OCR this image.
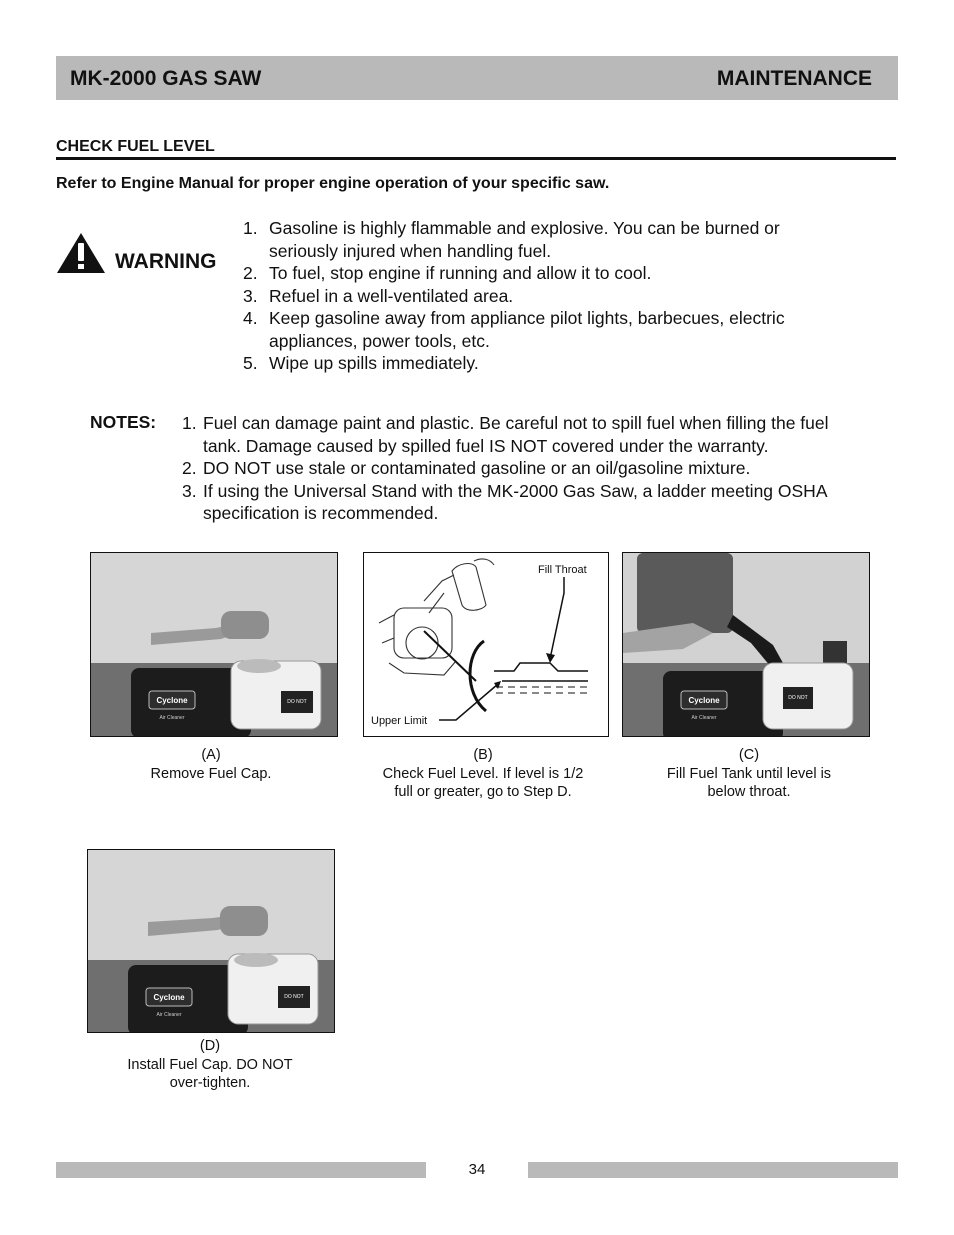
MK-2000 GAS SAW	MAINTENANCE
CHECK FUEL LEVEL
Refer to Engine Manual for proper engine operation of your specific saw.
WARNING
1. Gasoline is highly flammable and explosive. You can be burned or
seriously injured when handling fuel.
2. To fuel, stop engine if running and allow it to cool.
3. Refuel in a well-ventilated area.
4. Keep gasoline away from appliance pilot lights, barbecues, electric
appliances, power tools, etc.
5. Wipe up spills immediately.
NOTES: 1. Fuel can damage paint and plastic. Be careful not to spill fuel when filling the fuel
tank. Damage caused by spilled fuel IS NOT covered under the warranty.
2. DO NOT use stale or contaminated gasoline or an oil/gasoline mixture.
3. If using the Universal Stand with the MK-2000 Gas Saw, a ladder meeting OSHA
specification is recommended.
Cyclone
Air Cleaner
DO NOT
Fill Throat
Upper Limit
Cyclone
Air Cleaner
DO NOT
(A)
Remove Fuel Cap.
(B)
Check Fuel Level. If level is 1/2
full or greater, go to Step D.
(C)
Fill Fuel Tank until level is
below throat.
Cyclone
Air Cleaner
DO NOT
(D)
Install Fuel Cap. DO NOT
over-tighten.
34
